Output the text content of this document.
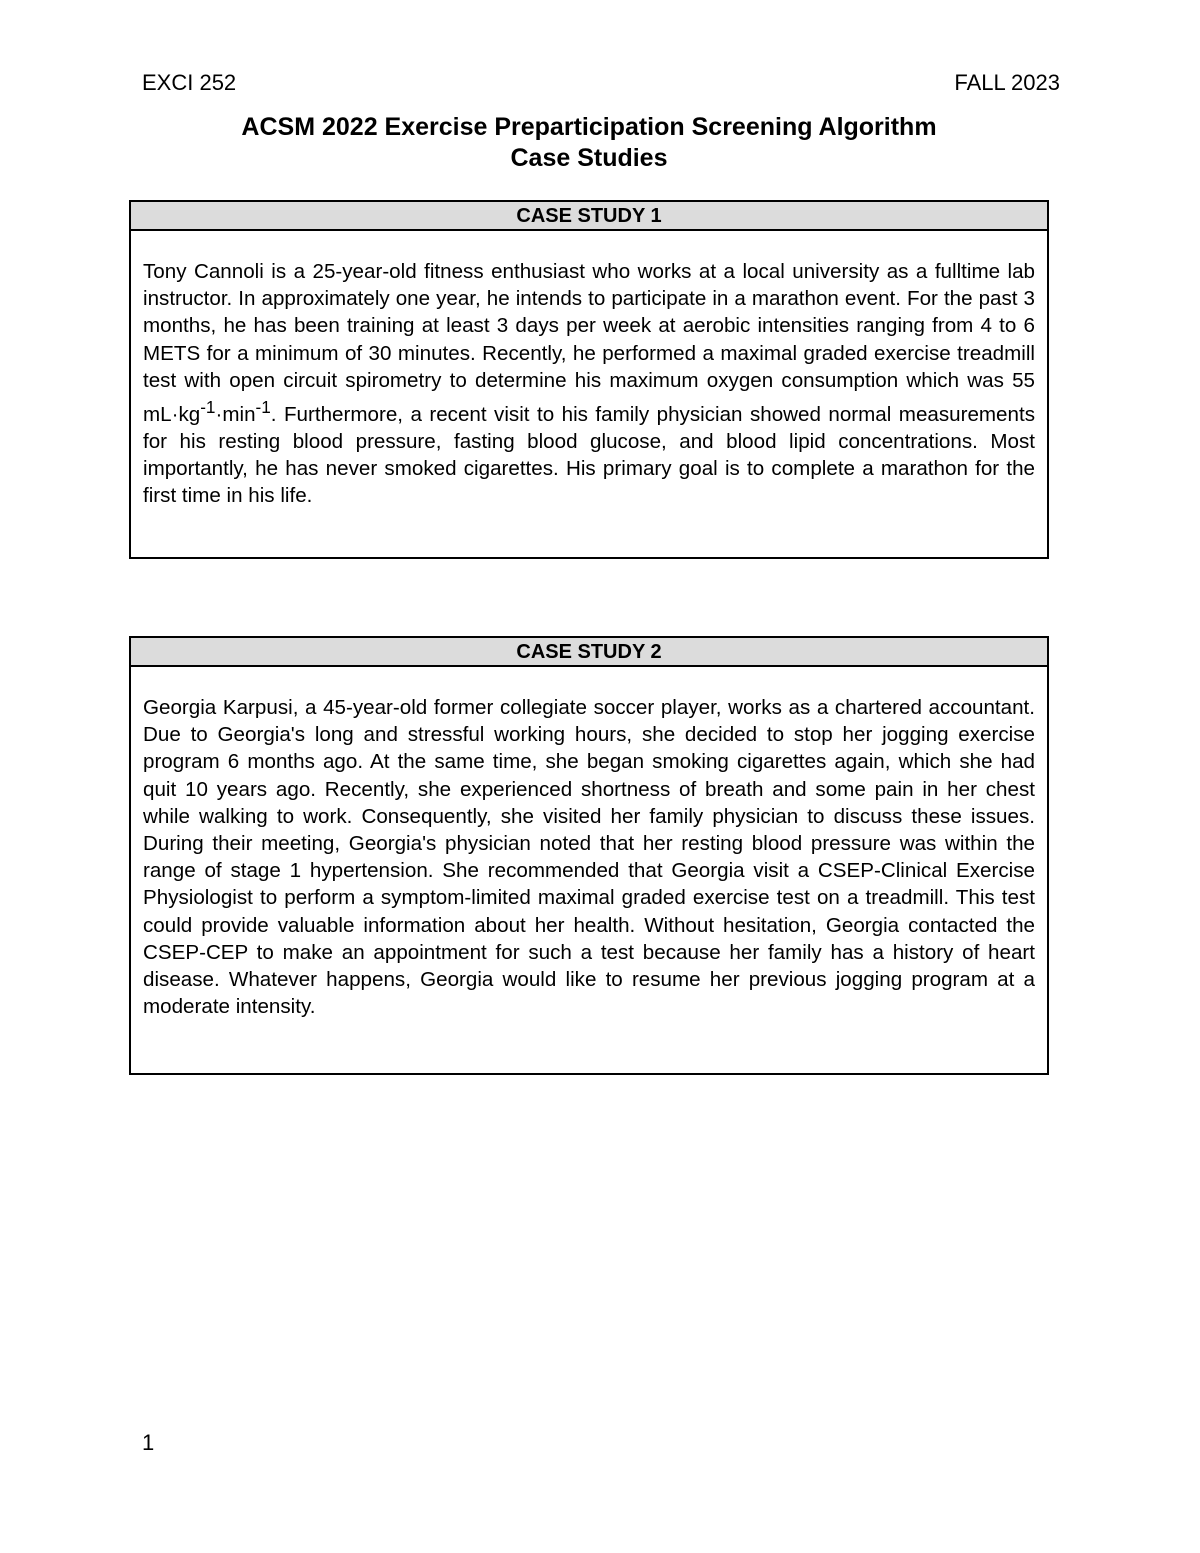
EXCI 252	FALL 2023
ACSM 2022 Exercise Preparticipation Screening Algorithm
Case Studies
CASE STUDY 1
Tony Cannoli is a 25-year-old fitness enthusiast who works at a local university as a fulltime lab instructor. In approximately one year, he intends to participate in a marathon event. For the past 3 months, he has been training at least 3 days per week at aerobic intensities ranging from 4 to 6 METS for a minimum of 30 minutes. Recently, he performed a maximal graded exercise treadmill test with open circuit spirometry to determine his maximum oxygen consumption which was 55 $mL\cdot kg^{-1}\cdot\min^{-1}$. Furthermore, a recent visit to his family physician showed normal measurements for his resting blood pressure, fasting blood glucose, and blood lipid concentrations. Most importantly, he has never smoked cigarettes. His primary goal is to complete a marathon for the first time in his life.
CASE STUDY 2
Georgia Karpusi, a 45-year-old former collegiate soccer player, works as a chartered accountant. Due to Georgia's long and stressful working hours, she decided to stop her jogging exercise program 6 months ago. At the same time, she began smoking cigarettes again, which she had quit 10 years ago. Recently, she experienced shortness of breath and some pain in her chest while walking to work. Consequently, she visited her family physician to discuss these issues. During their meeting, Georgia's physician noted that her resting blood pressure was within the range of stage 1 hypertension. She recommended that Georgia visit a CSEP-Clinical Exercise Physiologist to perform a symptom-limited maximal graded exercise test on a treadmill. This test could provide valuable information about her health. Without hesitation, Georgia contacted the CSEP-CEP to make an appointment for such a test because her family has a history of heart disease. Whatever happens, Georgia would like to resume her previous jogging program at a moderate intensity.
1
